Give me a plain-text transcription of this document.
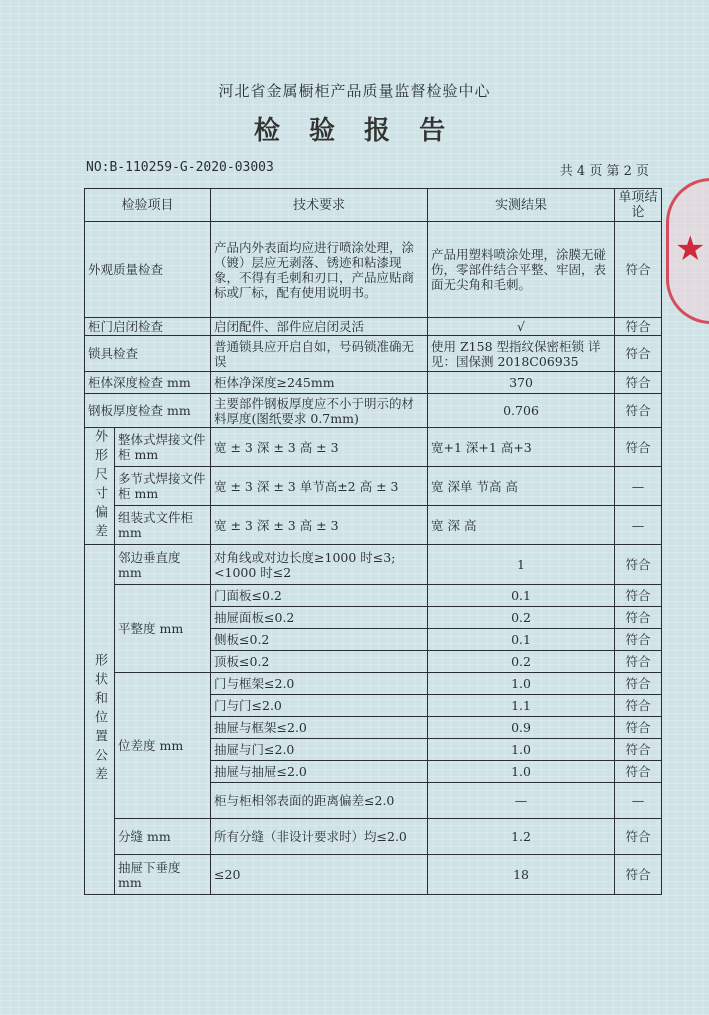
河北省金属橱柜产品质量监督检验中心
检 验 报 告
NO:B-110259-G-2020-03003	共 4 页 第 2 页
★
检验项目		技术要求	实测结果	单项结论
外观质量检查		产品内外表面均应进行喷涂处理，涂（镀）层应无剥落、锈迹和粘漆现象，不得有毛刺和刃口，产品应贴商标或厂标，配有使用说明书。	产品用塑料喷涂处理，涂膜无碰伤，零部件结合平整、牢固，表面无尖角和毛刺。	符合
柜门启闭检查		启闭配件、部件应启闭灵活	√	符合
锁具检查		普通锁具应开启自如，号码锁准确无误	使用 Z158 型指纹保密柜锁 详见：国保测 2018C06935	符合
柜体深度检查 mm		柜体净深度≥245mm	370	符合
钢板厚度检查 mm		主要部件钢板厚度应不小于明示的材料厚度(图纸要求 0.7mm)	0.706	符合
外形尺寸偏差	整体式焊接文件柜 mm	宽 ± 3 深 ± 3 高 ± 3	宽+1 深+1 高+3	符合
	多节式焊接文件柜 mm	宽 ± 3 深 ± 3 单节高±2 高 ± 3	宽 深单 节高 高	—
	组装式文件柜 mm	宽 ± 3 深 ± 3 高 ± 3	宽 深 高	—
形状和位置公差	邻边垂直度 mm	对角线或对边长度≥1000 时≤3;<1000 时≤2	1	符合
	平整度 mm	门面板≤0.2	0.1	符合
		抽屉面板≤0.2	0.2	符合
		侧板≤0.2	0.1	符合
		顶板≤0.2	0.2	符合
	位差度 mm	门与框架≤2.0	1.0	符合
		门与门≤2.0	1.1	符合
		抽屉与框架≤2.0	0.9	符合
		抽屉与门≤2.0	1.0	符合
		抽屉与抽屉≤2.0	1.0	符合
		柜与柜相邻表面的距离偏差≤2.0	—	—
	分缝 mm	所有分缝（非设计要求时）均≤2.0	1.2	符合
	抽屉下垂度 mm	≤20	18	符合
